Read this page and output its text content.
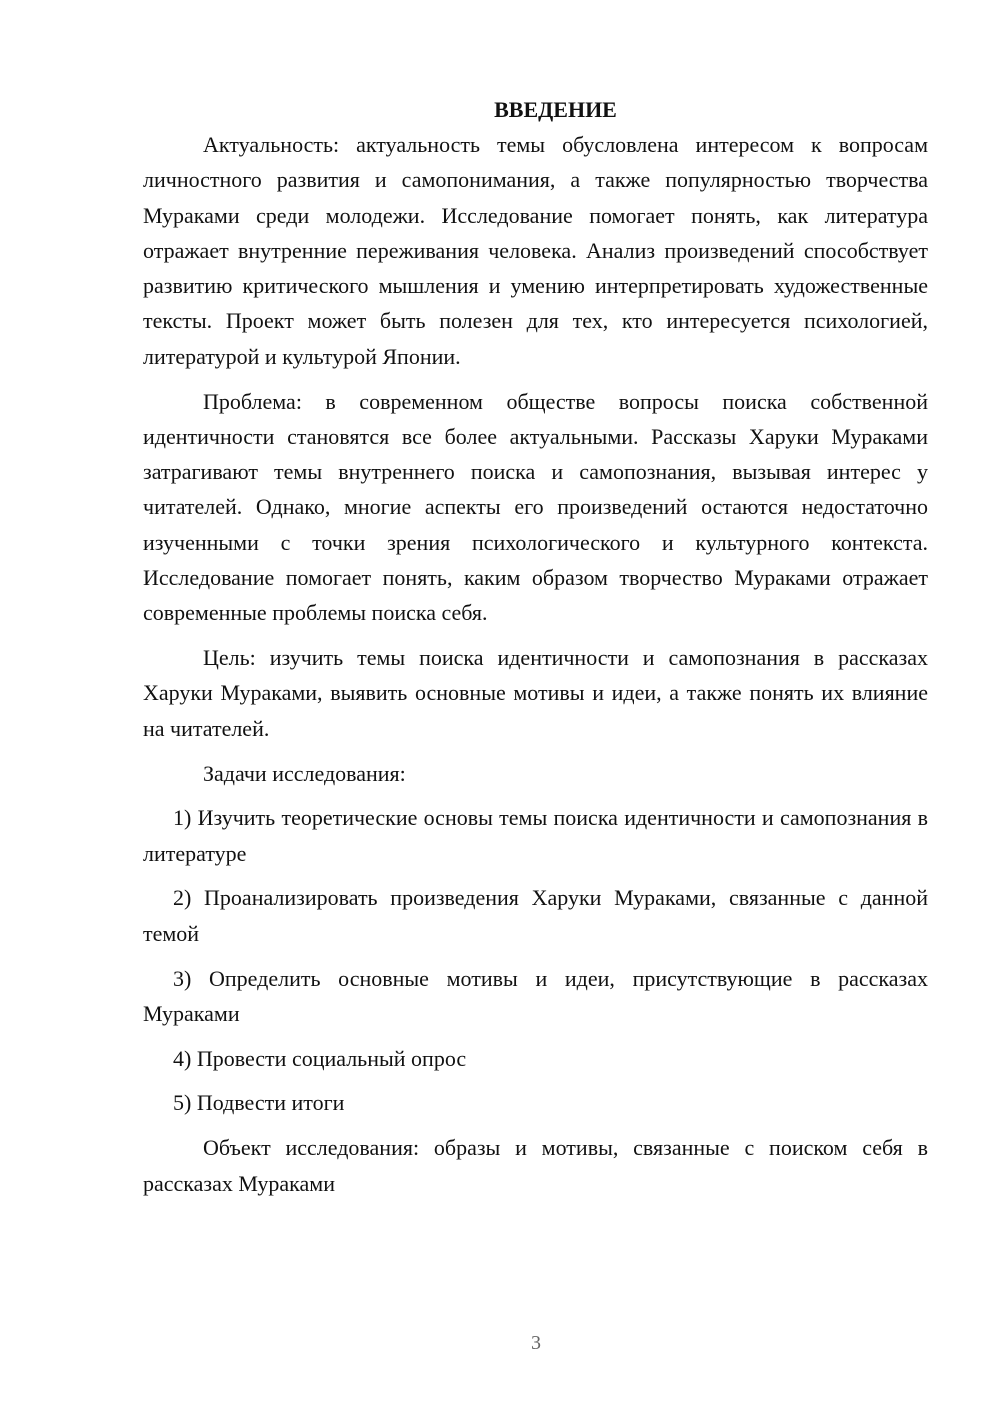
ВВЕДЕНИЕ

Актуальность: актуальность темы обусловлена интересом к вопросам личностного развития и самопонимания, а также популярностью творчества Мураками среди молодежи. Исследование помогает понять, как литература отражает внутренние переживания человека. Анализ произведений способствует развитию критического мышления и умению интерпретировать художественные тексты. Проект может быть полезен для тех, кто интересуется психологией, литературой и культурой Японии.

Проблема: в современном обществе вопросы поиска собственной идентичности становятся все более актуальными. Рассказы Харуки Мураками затрагивают темы внутреннего поиска и самопознания, вызывая интерес у читателей. Однако, многие аспекты его произведений остаются недостаточно изученными с точки зрения психологического и культурного контекста. Исследование помогает понять, каким образом творчество Мураками отражает современные проблемы поиска себя.

Цель: изучить темы поиска идентичности и самопознания в рассказах Харуки Мураками, выявить основные мотивы и идеи, а также понять их влияние на читателей.

Задачи исследования:

1) Изучить теоретические основы темы поиска идентичности и самопознания в литературе

2) Проанализировать произведения Харуки Мураками, связанные с данной темой

3) Определить основные мотивы и идеи, присутствующие в рассказах Мураками

4) Провести социальный опрос

5) Подвести итоги

Объект исследования: образы и мотивы, связанные с поиском себя в рассказах Мураками

3
